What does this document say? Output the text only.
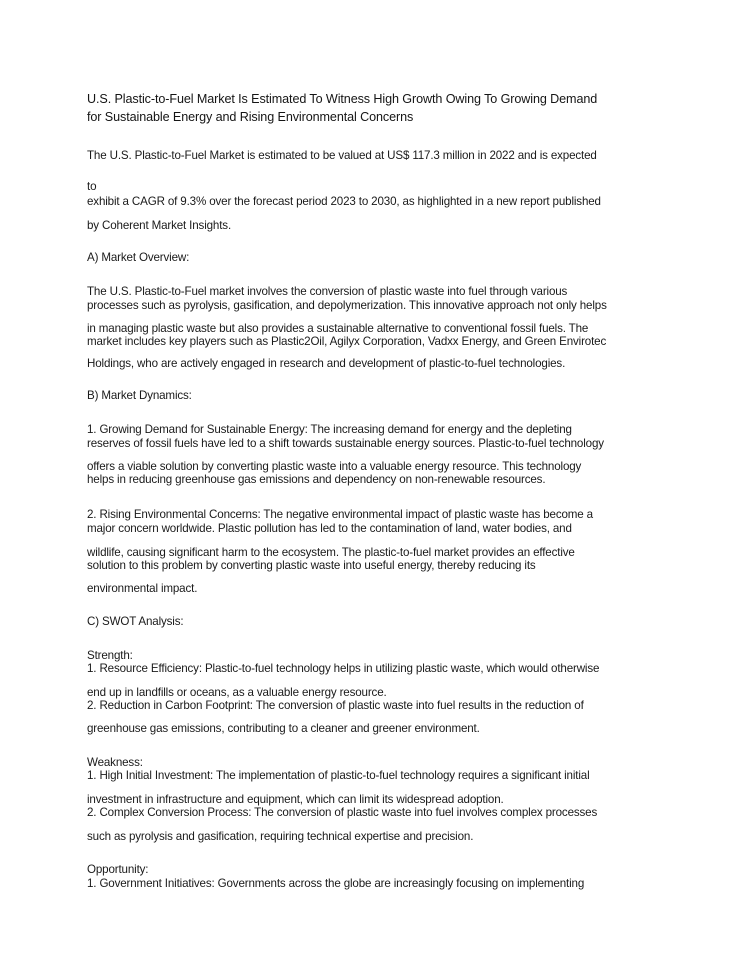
U.S. Plastic-to-Fuel Market Is Estimated To Witness High Growth Owing To Growing Demand
for Sustainable Energy and Rising Environmental Concerns
The U.S. Plastic-to-Fuel Market is estimated to be valued at US$ 117.3 million in 2022 and is expected
to
exhibit a CAGR of 9.3% over the forecast period 2023 to 2030, as highlighted in a new report published
by Coherent Market Insights.
A) Market Overview:
The U.S. Plastic-to-Fuel market involves the conversion of plastic waste into fuel through various
processes such as pyrolysis, gasification, and depolymerization. This innovative approach not only helps
in managing plastic waste but also provides a sustainable alternative to conventional fossil fuels. The
market includes key players such as Plastic2Oil, Agilyx Corporation, Vadxx Energy, and Green Envirotec
Holdings, who are actively engaged in research and development of plastic-to-fuel technologies.
B) Market Dynamics:
1. Growing Demand for Sustainable Energy: The increasing demand for energy and the depleting
reserves of fossil fuels have led to a shift towards sustainable energy sources. Plastic-to-fuel technology
offers a viable solution by converting plastic waste into a valuable energy resource. This technology
helps in reducing greenhouse gas emissions and dependency on non-renewable resources.
2. Rising Environmental Concerns: The negative environmental impact of plastic waste has become a
major concern worldwide. Plastic pollution has led to the contamination of land, water bodies, and
wildlife, causing significant harm to the ecosystem. The plastic-to-fuel market provides an effective
solution to this problem by converting plastic waste into useful energy, thereby reducing its
environmental impact.
C) SWOT Analysis:
Strength:
1. Resource Efficiency: Plastic-to-fuel technology helps in utilizing plastic waste, which would otherwise
end up in landfills or oceans, as a valuable energy resource.
2. Reduction in Carbon Footprint: The conversion of plastic waste into fuel results in the reduction of
greenhouse gas emissions, contributing to a cleaner and greener environment.
Weakness:
1. High Initial Investment: The implementation of plastic-to-fuel technology requires a significant initial
investment in infrastructure and equipment, which can limit its widespread adoption.
2. Complex Conversion Process: The conversion of plastic waste into fuel involves complex processes
such as pyrolysis and gasification, requiring technical expertise and precision.
Opportunity:
1. Government Initiatives: Governments across the globe are increasingly focusing on implementing
